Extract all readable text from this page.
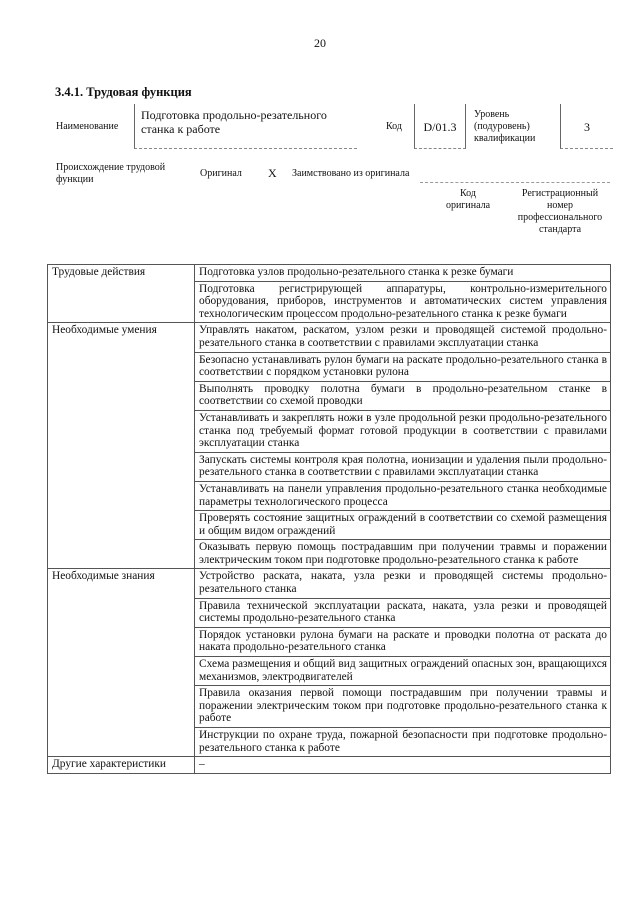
20
3.4.1. Трудовая функция
Наименование
Подготовка продольно-резательного станка к работе	Код	D/01.3
Уровень (подуровень) квалификации
3
Происхождение трудовой функции
Оригинал X Заимствовано из оригинала
Код оригинала
Регистрационный номер профессионального стандарта
Трудовые действия	Подготовка узлов продольно-резательного станка к резке бумаги
	Подготовка регистрирующей аппаратуры, контрольно-измерительного оборудования, приборов, инструментов и автоматических систем управления технологическим процессом продольно-резательного станка к резке бумаги
Необходимые умения	Управлять накатом, раскатом, узлом резки и проводящей системой продольно-резательного станка в соответствии с правилами эксплуатации станка
	Безопасно устанавливать рулон бумаги на раскате продольно-резательного станка в соответствии с порядком установки рулона
	Выполнять проводку полотна бумаги в продольно-резательном станке в соответствии со схемой проводки
	Устанавливать и закреплять ножи в узле продольной резки продольно-резательного станка под требуемый формат готовой продукции в соответствии с правилами эксплуатации станка
	Запускать системы контроля края полотна, ионизации и удаления пыли продольно-резательного станка в соответствии с правилами эксплуатации станка
	Устанавливать на панели управления продольно-резательного станка необходимые параметры технологического процесса
	Проверять состояние защитных ограждений в соответствии со схемой размещения и общим видом ограждений
	Оказывать первую помощь пострадавшим при получении травмы и поражении электрическим током при подготовке продольно-резательного станка к работе
Необходимые знания	Устройство раската, наката, узла резки и проводящей системы продольно-резательного станка
	Правила технической эксплуатации раската, наката, узла резки и проводящей системы продольно-резательного станка
	Порядок установки рулона бумаги на раскате и проводки полотна от раската до наката продольно-резательного станка
	Схема размещения и общий вид защитных ограждений опасных зон, вращающихся механизмов, электродвигателей
	Правила оказания первой помощи пострадавшим при получении травмы и поражении электрическим током при подготовке продольно-резательного станка к работе
	Инструкции по охране труда, пожарной безопасности при подготовке продольно-резательного станка к работе
Другие характеристики	–
